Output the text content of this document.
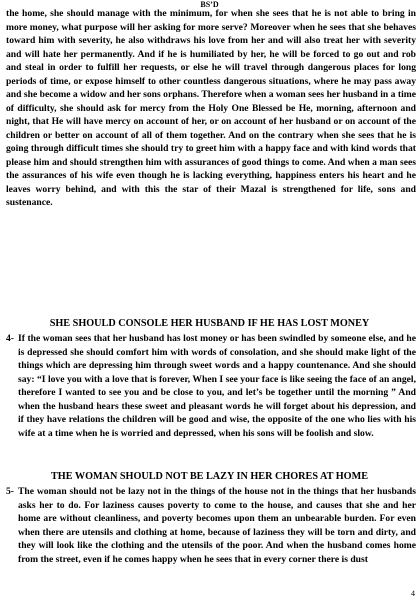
BS’D

the home, she should manage with the minimum, for when she sees that he is not able to bring in more money, what purpose will her asking for more serve? Moreover when he sees that she behaves toward him with severity, he also withdraws his love from her and will also treat her with severity and will hate her permanently. And if he is humiliated by her, he will be forced to go out and rob and steal in order to fulfill her requests, or else he will travel through dangerous places for long periods of time, or expose himself to other countless dangerous situations, where he may pass away and she become a widow and her sons orphans. Therefore when a woman sees her husband in a time of difficulty, she should ask for mercy from the Holy One Blessed be He, morning, afternoon and night, that He will have mercy on account of her, or on account of her husband or on account of the children or better on account of all of them together. And on the contrary when she sees that he is going through difficult times she should try to greet him with a happy face and with kind words that please him and should strengthen him with assurances of good things to come. And when a man sees the assurances of his wife even though he is lacking everything, happiness enters his heart and he leaves worry behind, and with this the star of their Mazal is strengthened for life, sons and sustenance.

SHE SHOULD CONSOLE HER HUSBAND IF HE HAS LOST MONEY

4- If the woman sees that her husband has lost money or has been swindled by someone else, and he is depressed she should comfort him with words of consolation, and she should make light of the things which are depressing him through sweet words and a happy countenance. And she should say: “I love you with a love that is forever, When I see your face is like seeing the face of an angel, therefore I wanted to see you and be close to you, and let’s be together until the morning ” And when the husband hears these sweet and pleasant words he will forget about his depression, and if they have relations the children will be good and wise, the opposite of the one who lies with his wife at a time when he is worried and depressed, when his sons will be foolish and slow.

THE WOMAN SHOULD NOT BE LAZY IN HER CHORES AT HOME

5- The woman should not be lazy not in the things of the house not in the things that her husbands asks her to do. For laziness causes poverty to come to the house, and causes that she and her home are without cleanliness, and poverty becomes upon them an unbearable burden. For even when there are utensils and clothing at home, because of laziness they will be torn and dirty, and they will look like the clothing and the utensils of the poor. And when the husband comes home from the street, even if he comes happy when he sees that in every corner there is dust
4
